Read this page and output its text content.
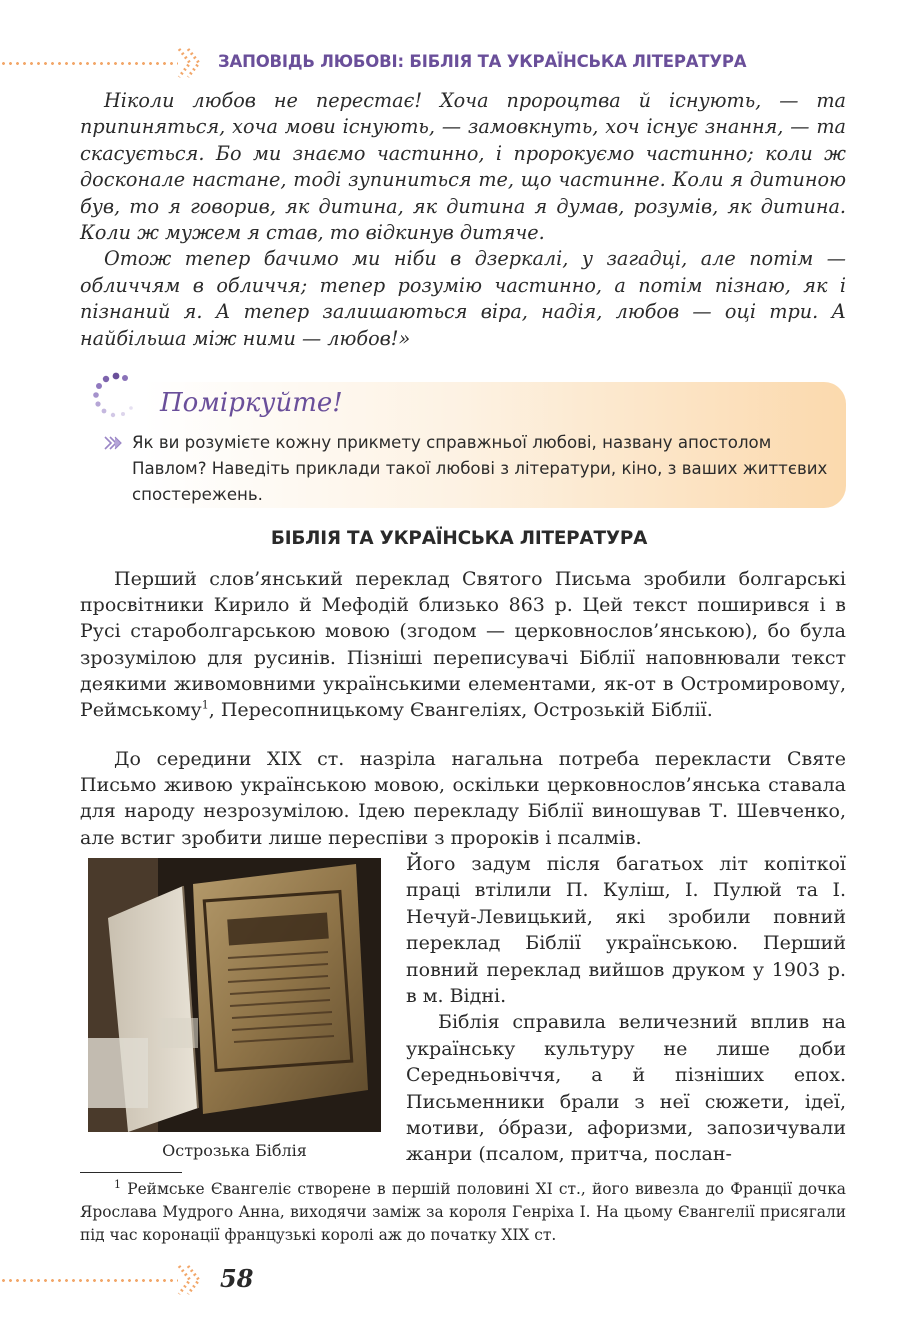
ЗАПОВІДЬ ЛЮБОВІ: БІБЛІЯ ТА УКРАЇНСЬКА ЛІТЕРАТУРА

Ніколи любов не перестає! Хоча пророцтва й існують, — та припиняться, хоча мови існують, — замовкнуть, хоч існує знання, — та скасується. Бо ми знаємо частинно, і пророкуємо частинно; коли ж досконале настане, тоді зупиниться те, що частинне. Коли я дитиною був, то я говорив, як дитина, як дитина я думав, розумів, як дитина. Коли ж мужем я став, то відкинув дитяче.

Отож тепер бачимо ми ніби в дзеркалі, у загадці, але потім — обличчям в обличчя; тепер розумію частинно, а потім пізнаю, як і пізнаний я. А тепер залишаються віра, надія, любов — оці три. А найбільша між ними — любов!»

Поміркуйте!
Як ви розумієте кожну прикмету справжньої любові, названу апостолом Павлом? Наведіть приклади такої любові з літератури, кіно, з ваших життєвих спостережень.
БІБЛІЯ ТА УКРАЇНСЬКА ЛІТЕРАТУРА

Перший слов’янський переклад Святого Письма зробили болгарські просвітники Кирило й Мефодій близько 863 р. Цей текст поширився і в Русі староболгарською мовою (згодом — церковнослов’янською), бо була зрозумілою для русинів. Пізніші переписувачі Біблії наповнювали текст деякими живомовними українськими елементами, як-от в Остромировому, Реймському$^1$, Пересопницькому Євангеліях, Острозькій Біблії.

До середини XIX ст. назріла нагальна потреба перекласти Святе Письмо живою українською мовою, оскільки церковнослов’янська ставала для народу незрозумілою. Ідею перекладу Біблії виношував Т. Шевченко, але встиг зробити лише переспіви з пророків і псалмів.

Його задум після багатьох літ копіткої праці втілили П. Куліш, І. Пулюй та І. Нечуй-Левицький, які зробили повний переклад Біблії українською. Перший повний переклад вийшов друком у 1903 р. в м. Відні.

Біблія справила величезний вплив на українську культуру не лише доби Середньовіччя, а й пізніших епох. Письменники брали з неї сюжети, ідеї, мотиви, о́брази, афоризми, запозичували жанри (псалом, притча, послан-

Острозька Біблія

$^1$ Реймське Євангеліє створене в першій половині XI ст., його вивезла до Франції дочка Ярослава Мудрого Анна, виходячи заміж за короля Генріха I. На цьому Євангелії присягали під час коронації французькі королі аж до початку XIX ст.

58
